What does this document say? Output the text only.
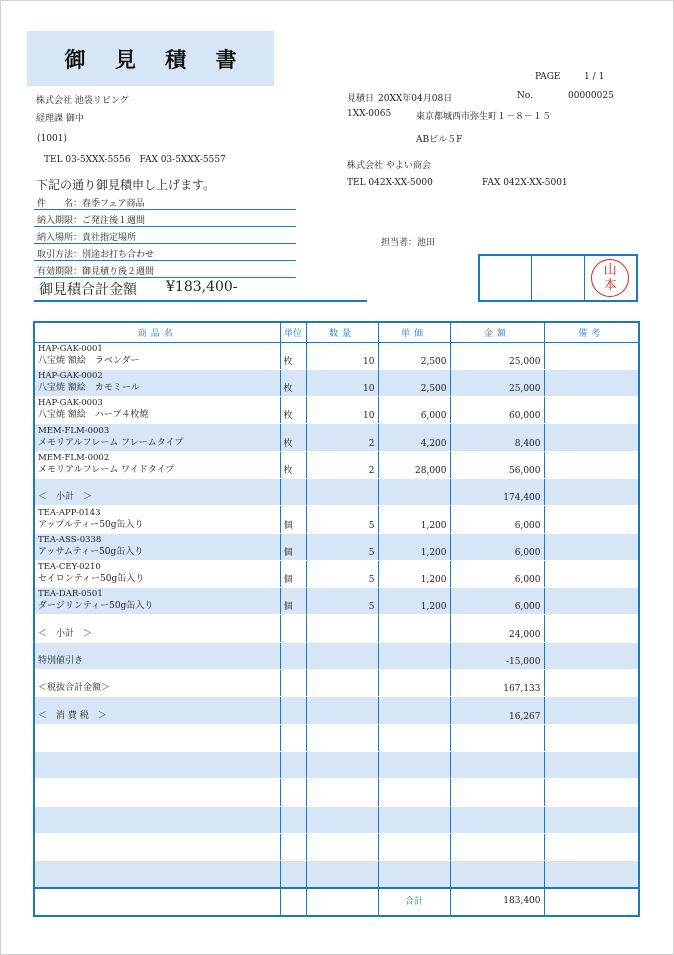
御 見 積 書
PAGE	1 / 1
株式会社 池袋リビング
経理課 御中
(1001)
TEL 03-5XXX-5556　FAX 03-5XXX-5557
見積日 20XX年04月08日	No.	00000025
1XX-0065	東京都城西市弥生町１－８－１５
ABビル５F
株式会社 やよい商会
TEL 042X-XX-5000	FAX 042X-XX-5001
担当者：池田
下記の通り御見積申し上げます。
件　　名：春季フェア商品
納入期限：ご発注後１週間
納入場所：貴社指定場所
取引方法：別途お打ち合わせ
有効期限：御見積り後２週間
御見積合計金額 ¥183,400-
山
本
商品名	単位	数量	単価	金額	備考

HAP-GAK-0001
八宝焼 額絵　ラベンダー	枚	10	2,500	25,000	

HAP-GAK-0002
八宝焼 額絵　カモミール	枚	10	2,500	25,000	

HAP-GAK-0003
八宝焼 額絵　ハーブ４枚焼	枚	10	6,000	60,000	

MEM-FLM-0003
メモリアルフレーム フレームタイプ	枚	2	4,200	8,400	

MEM-FLM-0002
メモリアルフレーム ワイドタイプ	枚	2	28,000	56,000	

＜　小計　＞				174,400	

TEA-APP-0143
アップルティー50g缶入り	個	5	1,200	6,000	

TEA-ASS-0338
アッサムティー50g缶入り	個	5	1,200	6,000	

TEA-CEY-0210
セイロンティー50g缶入り	個	5	1,200	6,000	

TEA-DAR-0501
ダージリンティー50g缶入り	個	5	1,200	6,000	

＜　小計　＞				24,000	

特別値引き				-15,000	

＜税抜合計金額＞				167,133	

＜　消 費 税　＞				16,267	

			合計	183,400	
